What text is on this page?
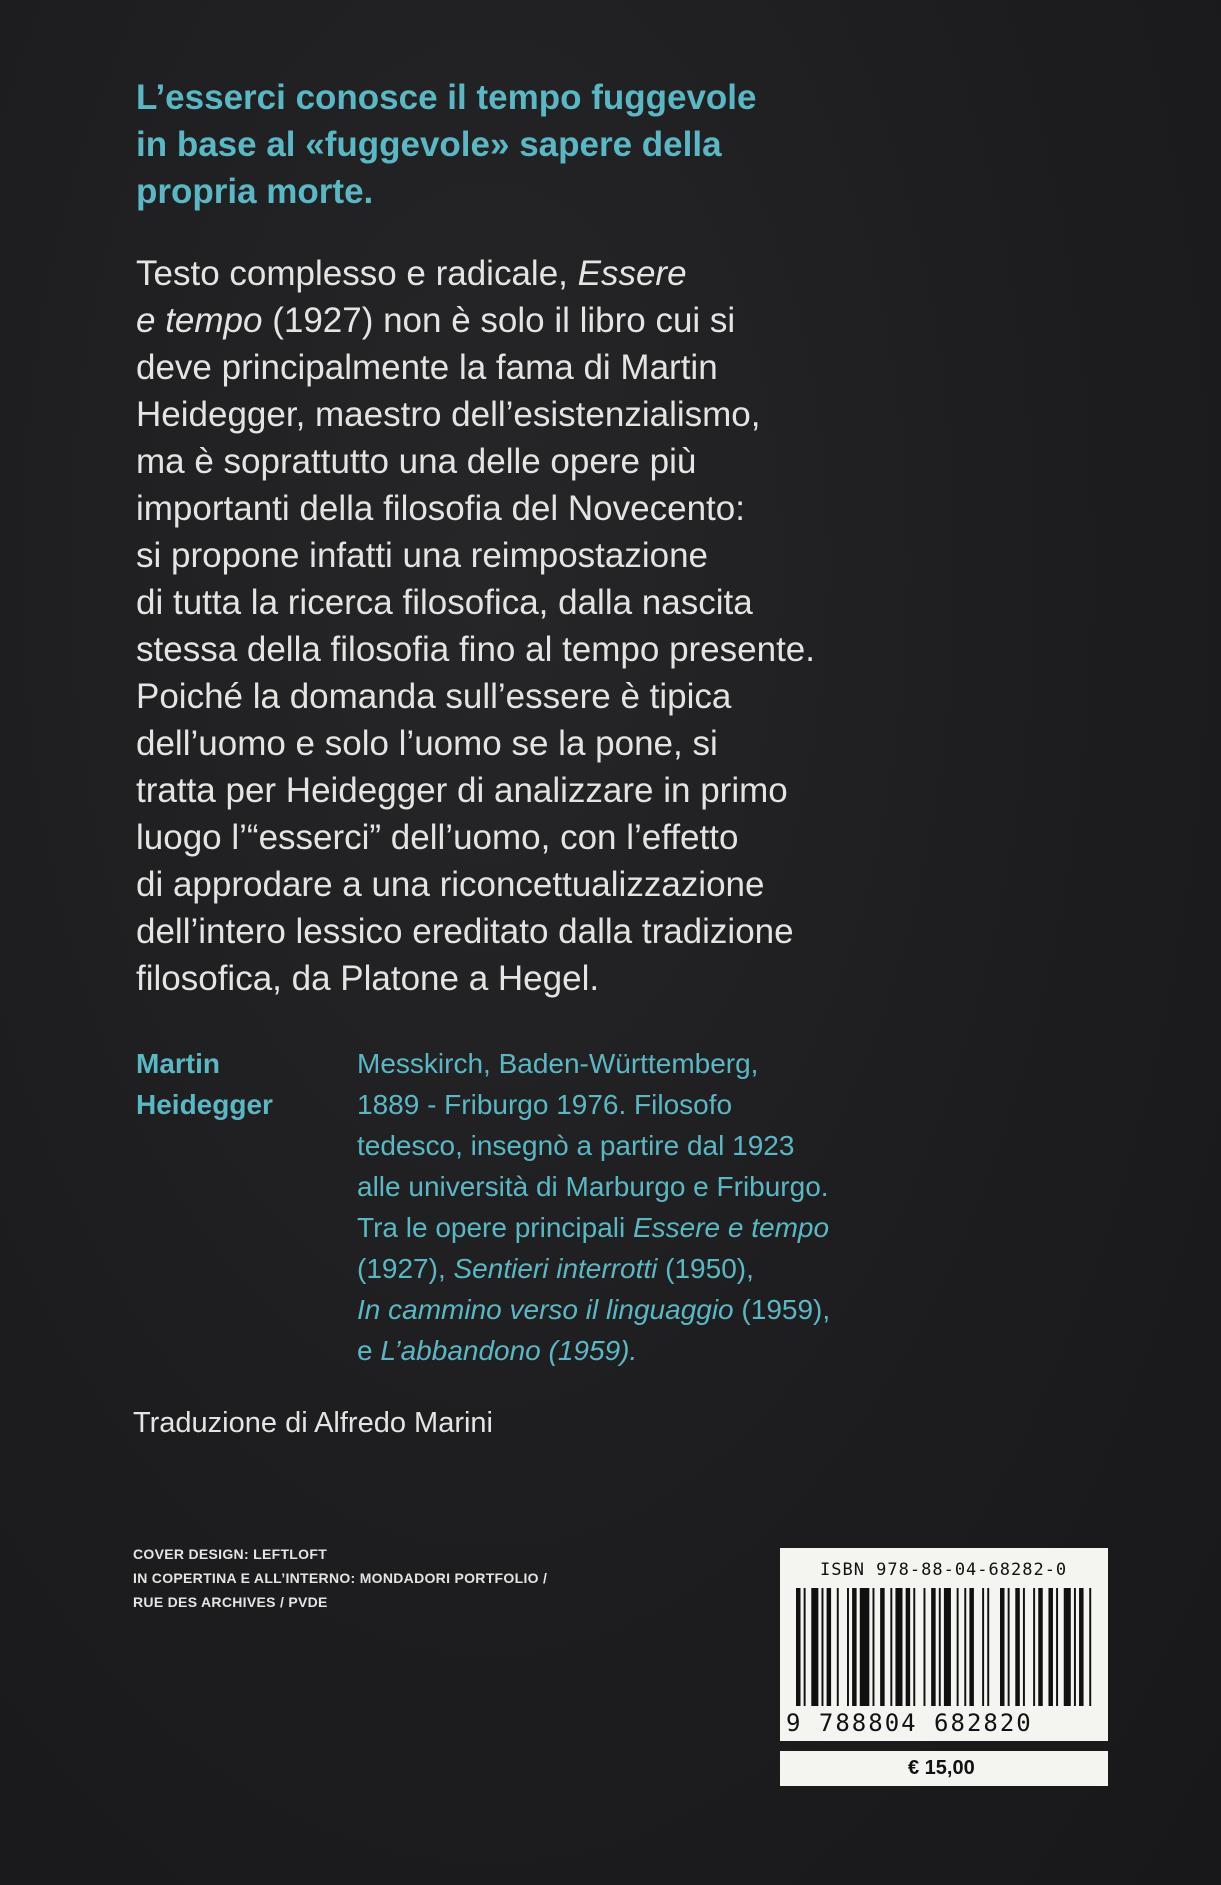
L’esserci conosce il tempo fuggevole
in base al «fuggevole» sapere della
propria morte.
Testo complesso e radicale, Essere
e tempo (1927) non è solo il libro cui si
deve principalmente la fama di Martin
Heidegger, maestro dell’esistenzialismo,
ma è soprattutto una delle opere più
importanti della filosofia del Novecento:
si propone infatti una reimpostazione
di tutta la ricerca filosofica, dalla nascita
stessa della filosofia fino al tempo presente.
Poiché la domanda sull’essere è tipica
dell’uomo e solo l’uomo se la pone, si
tratta per Heidegger di analizzare in primo
luogo l’“esserci” dell’uomo, con l’effetto
di approdare a una riconcettualizzazione
dell’intero lessico ereditato dalla tradizione
filosofica, da Platone a Hegel.
Martin
Heidegger
Messkirch, Baden-Württemberg,
1889 - Friburgo 1976. Filosofo
tedesco, insegnò a partire dal 1923
alle università di Marburgo e Friburgo.
Tra le opere principali Essere e tempo
(1927), Sentieri interrotti (1950),
In cammino verso il linguaggio (1959),
e L’abbandono (1959).
Traduzione di Alfredo Marini
COVER DESIGN: LEFTLOFT
IN COPERTINA E ALL’INTERNO: MONDADORI PORTFOLIO /
RUE DES ARCHIVES / PVDE
ISBN 978-88-04-68282-0
9 788804 682820
€ 15,00
